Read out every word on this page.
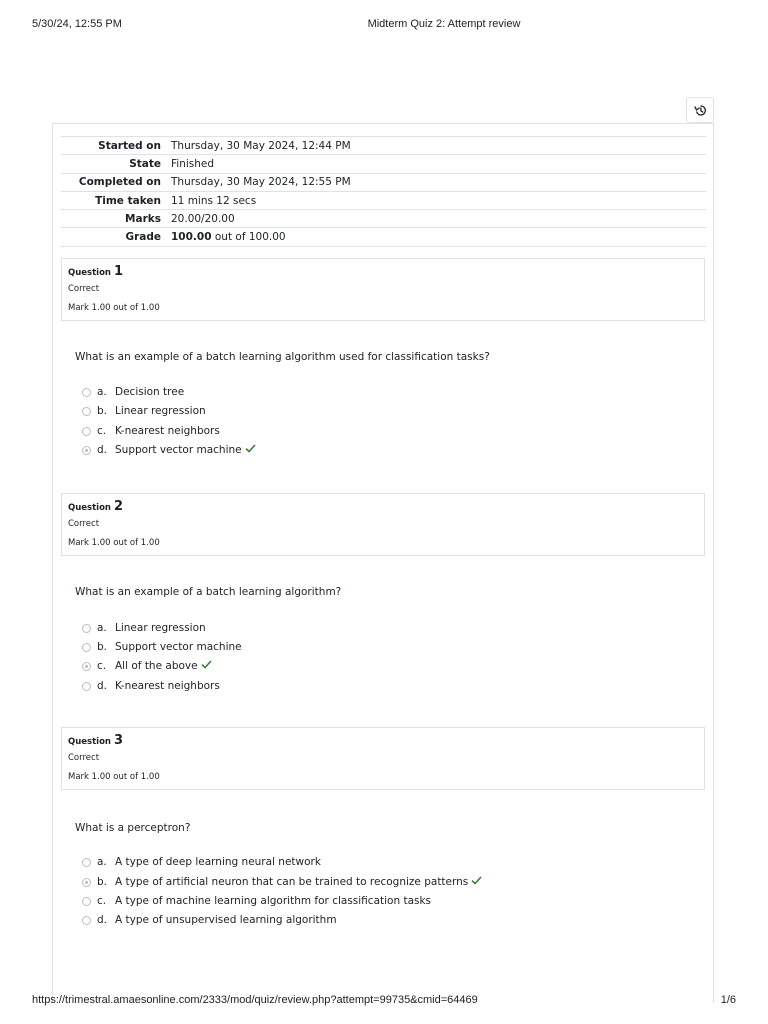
5/30/24, 12:55 PM	Midterm Quiz 2: Attempt review
Started on	Thursday, 30 May 2024, 12:44 PM
State	Finished
Completed on	Thursday, 30 May 2024, 12:55 PM
Time taken	11 mins 12 secs
Marks	20.00/20.00
Grade	100.00 out of 100.00
Question 1
Correct
Mark 1.00 out of 1.00
What is an example of a batch learning algorithm used for classification tasks?
a. Decision tree
b. Linear regression
c. K-nearest neighbors
d. Support vector machine
Question 2
Correct
Mark 1.00 out of 1.00
What is an example of a batch learning algorithm?
a. Linear regression
b. Support vector machine
c. All of the above
d. K-nearest neighbors
Question 3
Correct
Mark 1.00 out of 1.00
What is a perceptron?
a. A type of deep learning neural network
b. A type of artificial neuron that can be trained to recognize patterns
c. A type of machine learning algorithm for classification tasks
d. A type of unsupervised learning algorithm
https://trimestral.amaesonline.com/2333/mod/quiz/review.php?attempt=99735&cmid=64469	1/6
